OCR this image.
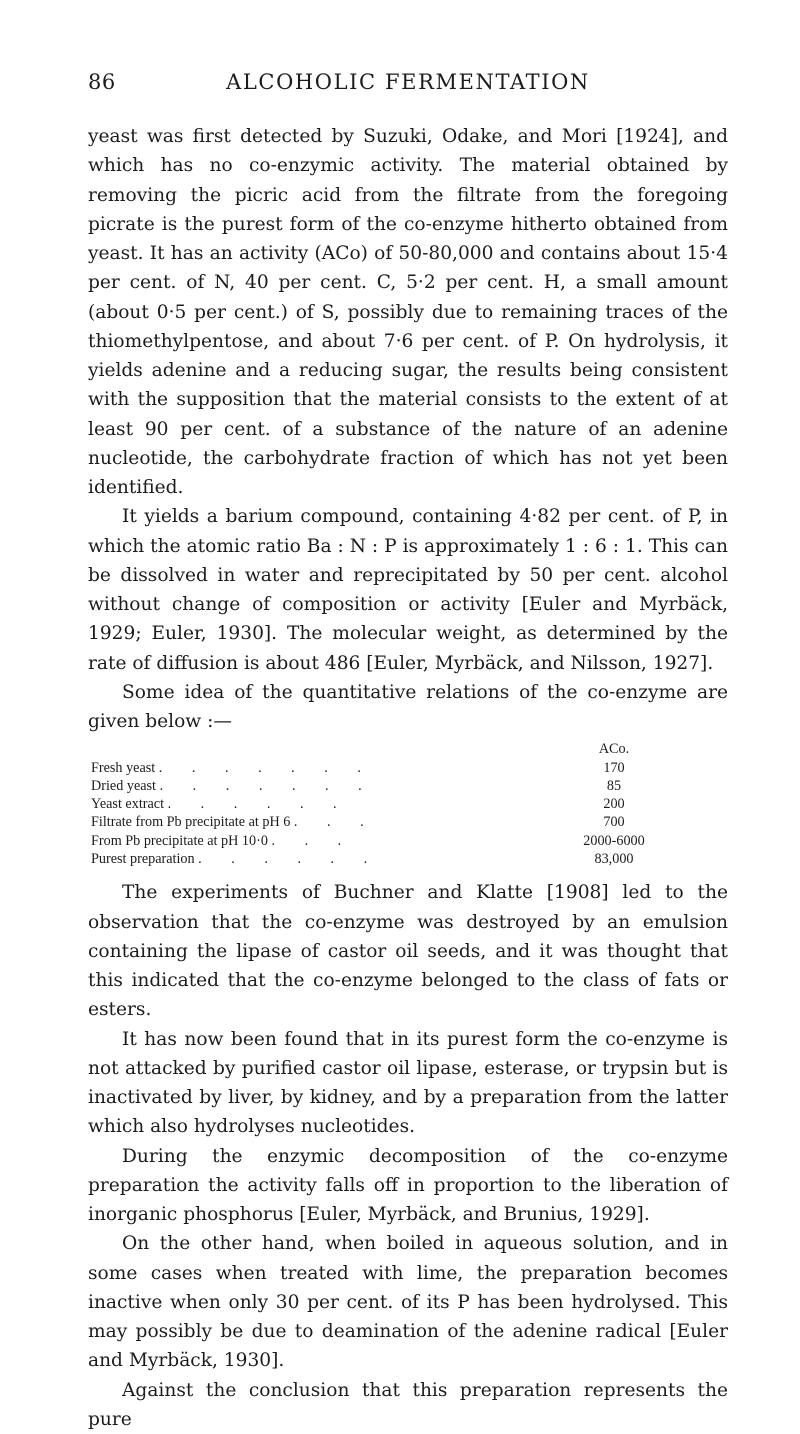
86	ALCOHOLIC FERMENTATION

yeast was first detected by Suzuki, Odake, and Mori [1924], and which has no co-enzymic activity. The material obtained by removing the picric acid from the filtrate from the foregoing picrate is the purest form of the co-enzyme hitherto obtained from yeast. It has an activity (ACo) of 50-80,000 and contains about 15·4 per cent. of N, 40 per cent. C, 5·2 per cent. H, a small amount (about 0·5 per cent.) of S, possibly due to remaining traces of the thiomethylpentose, and about 7·6 per cent. of P. On hydrolysis, it yields adenine and a reducing sugar, the results being consistent with the supposition that the material consists to the extent of at least 90 per cent. of a substance of the nature of an adenine nucleotide, the carbohydrate fraction of which has not yet been identified.

It yields a barium compound, containing 4·82 per cent. of P, in which the atomic ratio Ba : N : P is approximately 1 : 6 : 1. This can be dissolved in water and reprecipitated by 50 per cent. alcohol without change of composition or activity [Euler and Myrbäck, 1929; Euler, 1930]. The molecular weight, as determined by the rate of diffusion is about 486 [Euler, Myrbäck, and Nilsson, 1927].

Some idea of the quantitative relations of the co-enzyme are given below :—

	ACo.
Fresh yeast . . . . . . .	170
Dried yeast . . . . . . .	85
Yeast extract . . . . . .	200
Filtrate from Pb precipitate at pH 6 . . .	700
From Pb precipitate at pH 10·0 . . .	2000-6000
Purest preparation . . . . . .	83,000

The experiments of Buchner and Klatte [1908] led to the observation that the co-enzyme was destroyed by an emulsion containing the lipase of castor oil seeds, and it was thought that this indicated that the co-enzyme belonged to the class of fats or esters.

It has now been found that in its purest form the co-enzyme is not attacked by purified castor oil lipase, esterase, or trypsin but is inactivated by liver, by kidney, and by a preparation from the latter which also hydrolyses nucleotides.

During the enzymic decomposition of the co-enzyme preparation the activity falls off in proportion to the liberation of inorganic phosphorus [Euler, Myrbäck, and Brunius, 1929].

On the other hand, when boiled in aqueous solution, and in some cases when treated with lime, the preparation becomes inactive when only 30 per cent. of its P has been hydrolysed. This may possibly be due to deamination of the adenine radical [Euler and Myrbäck, 1930].

Against the conclusion that this preparation represents the pure
